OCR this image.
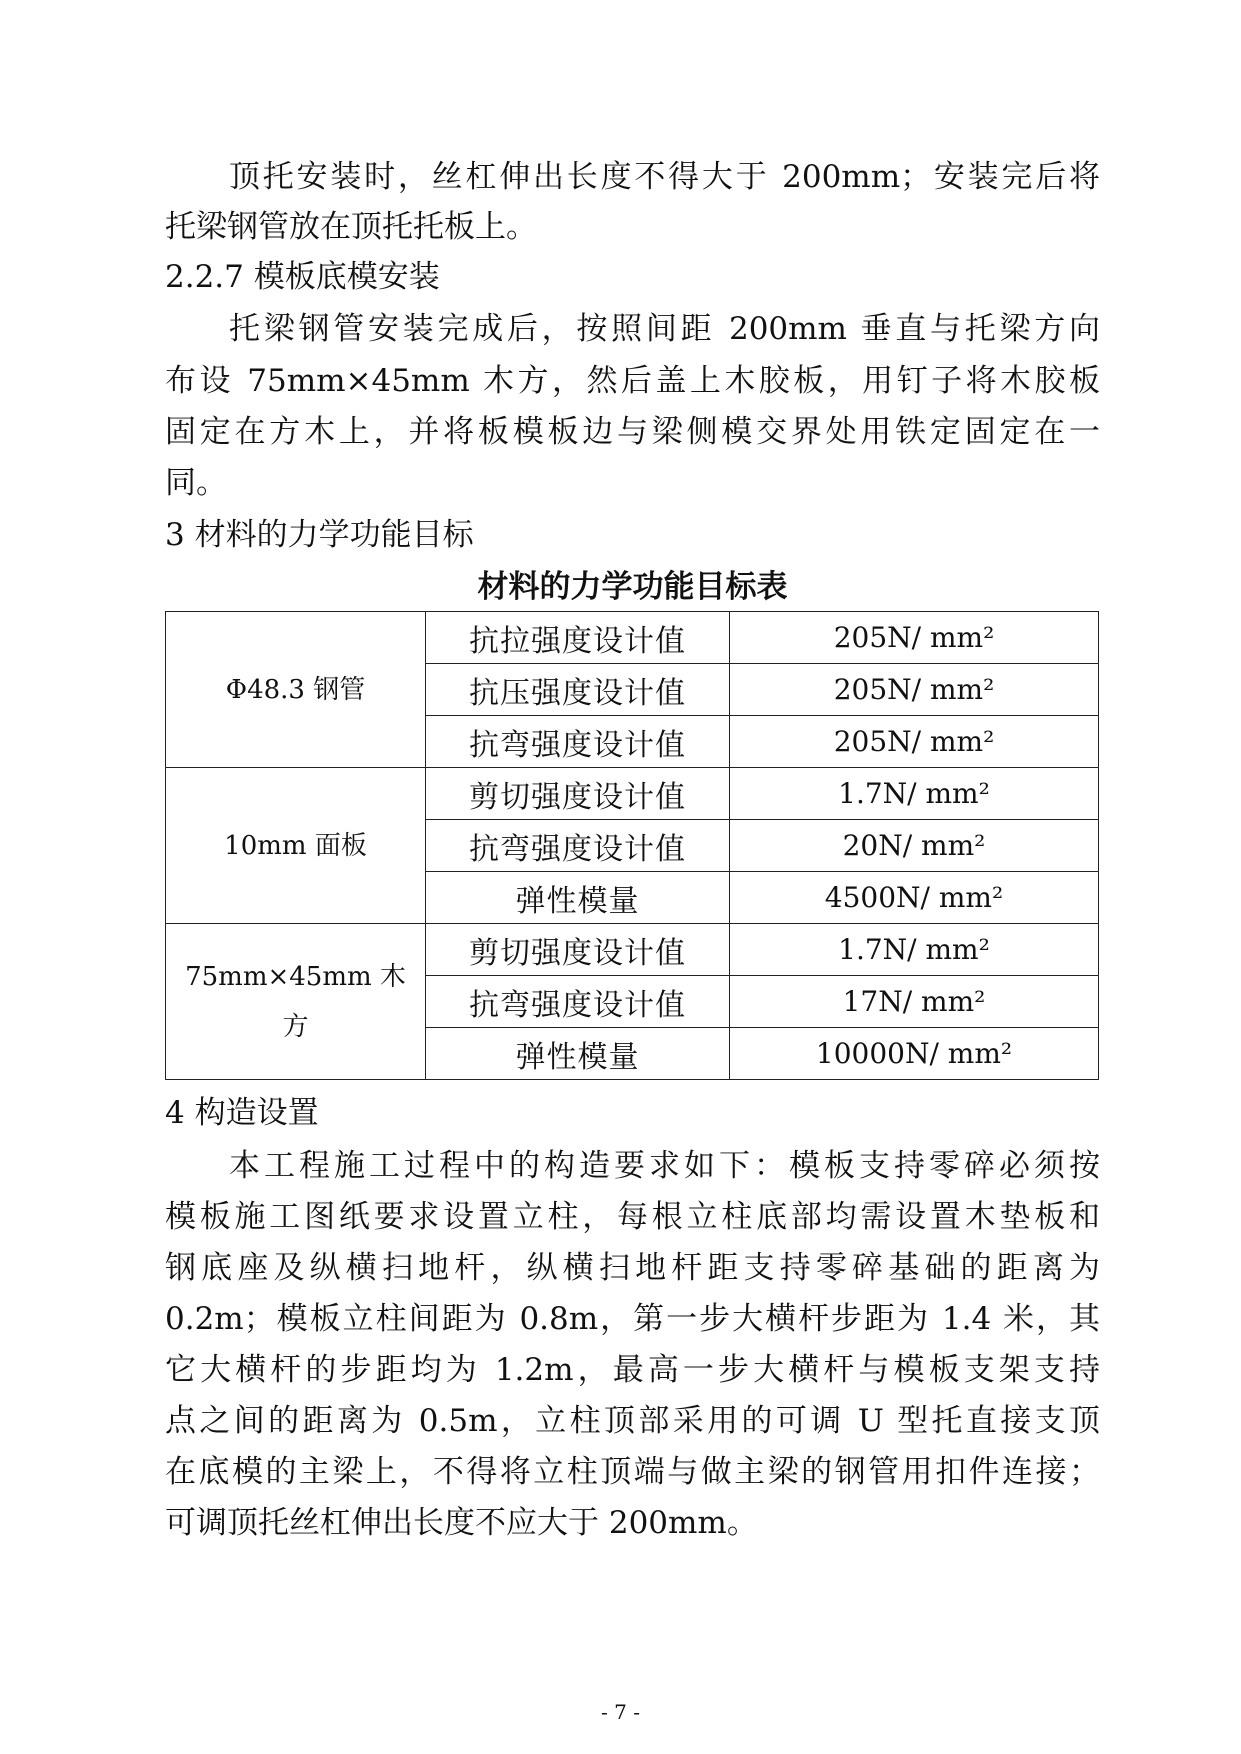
顶托安装时，丝杠伸出长度不得大于 200mm；安装完后将
托梁钢管放在顶托托板上。
2.2.7 模板底模安装
托梁钢管安装完成后，按照间距 200mm 垂直与托梁方向
布设 75mm×45mm 木方，然后盖上木胶板，用钉子将木胶板
固定在方木上，并将板模板边与梁侧模交界处用铁定固定在一
同。
3 材料的力学功能目标
材料的力学功能目标表
Φ48.3 钢管	抗拉强度设计值	205N/ mm²
	抗压强度设计值	205N/ mm²
	抗弯强度设计值	205N/ mm²
10mm 面板	剪切强度设计值	1.7N/ mm²
	抗弯强度设计值	20N/ mm²
	弹性模量	4500N/ mm²

75mm×45mm 木
方	剪切强度设计值	1.7N/ mm²
	抗弯强度设计值	17N/ mm²
	弹性模量	10000N/ mm²
4 构造设置
本工程施工过程中的构造要求如下：模板支持零碎必须按
模板施工图纸要求设置立柱，每根立柱底部均需设置木垫板和
钢底座及纵横扫地杆，纵横扫地杆距支持零碎基础的距离为
0.2m；模板立柱间距为 0.8m，第一步大横杆步距为 1.4 米，其
它大横杆的步距均为 1.2m，最高一步大横杆与模板支架支持
点之间的距离为 0.5m，立柱顶部采用的可调 U 型托直接支顶
在底模的主梁上，不得将立柱顶端与做主梁的钢管用扣件连接；
可调顶托丝杠伸出长度不应大于 200mm。
- 7 -
